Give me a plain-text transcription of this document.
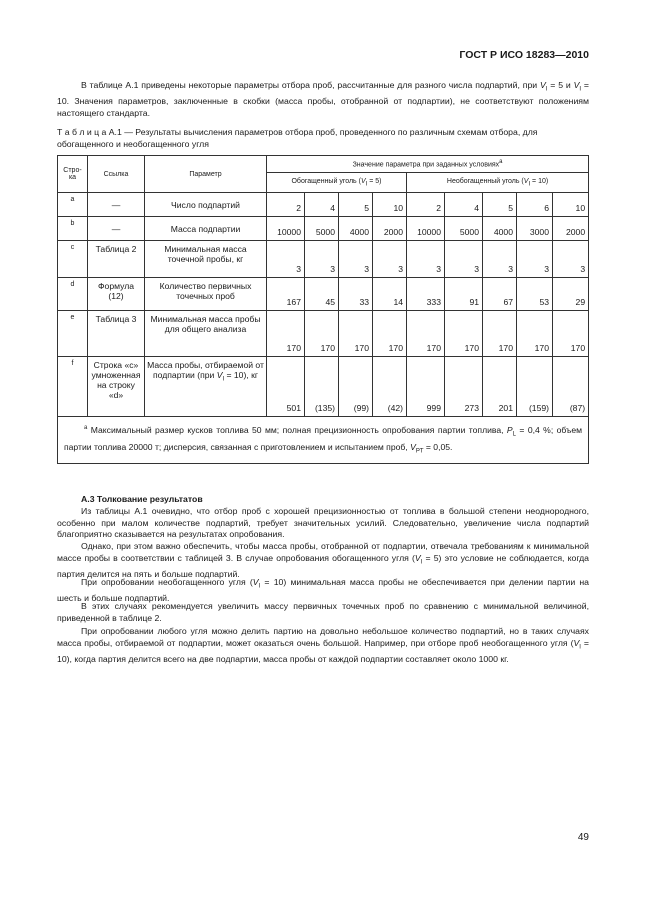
ГОСТ Р ИСО 18283—2010

В таблице А.1 приведены некоторые параметры отбора проб, рассчитанные для разного числа подпартий, при $V_I = 5$ и $V_I = 10$. Значения параметров, заключенные в скобки (масса пробы, отобранной от подпартии), не соответствуют положениям настоящего стандарта.

Т а б л и ц а А.1 — Результаты вычисления параметров отбора проб, проведенного по различным схемам отбора, для обогащенного и необогащенного угля

Стро-ка	Ссылка	Параметр	Значение параметра при заданных условиях$^а$
			Обогащенный уголь $(V_I = 5)$				Необогащенный уголь $(V_I = 10)$				
a	—	Число подпартий	2	4	5	10	2	4	5	6	10
b	—	Масса подпартии	10000	5000	4000	2000	10000	5000	4000	3000	2000
c	Таблица 2	Минимальная масса точечной пробы, кг	3	3	3	3	3	3	3	3	3
d	Формула (12)	Количество первичных точечных проб	167	45	33	14	333	91	67	53	29
e	Таблица 3	Минимальная масса пробы для общего анализа	170	170	170	170	170	170	170	170	170
f	Строка «c» умноженная на строку «d»	Масса пробы, отбираемой от подпартии (при $V_I = 10$), кг	501	(135)	(99)	(42)	999	273	201	(159)	(87)
$^а$ Максимальный размер кусков топлива 50 мм; полная прецизионность опробования партии топлива, $P_L = 0,4$ %; объем партии топлива 20000 т; дисперсия, связанная с приготовлением и испытанием проб, $V_{PT} = 0,05$.											
А.3 Толкование результатов

Из таблицы А.1 очевидно, что отбор проб с хорошей прецизионностью от топлива в большой степени неоднородного, особенно при малом количестве подпартий, требует значительных усилий. Следовательно, увеличение числа подпартий благоприятно сказывается на результатах опробования.

Однако, при этом важно обеспечить, чтобы масса пробы, отобранной от подпартии, отвечала требованиям к минимальной массе пробы в соответствии с таблицей 3. В случае опробования обогащенного угля $(V_I = 5)$ это условие не соблюдается, когда партия делится на пять и больше подпартий.

При опробовании необогащенного угля $(V_I = 10)$ минимальная масса пробы не обеспечивается при делении партии на шесть и больше подпартий.

В этих случаях рекомендуется увеличить массу первичных точечных проб по сравнению с минимальной величиной, приведенной в таблице 2.

При опробовании любого угля можно делить партию на довольно небольшое количество подпартий, но в таких случаях масса пробы, отбираемой от подпартии, может оказаться очень большой. Например, при отборе проб необогащенного угля $(V_I = 10)$, когда партия делится всего на две подпартии, масса пробы от каждой подпартии составляет около 1000 кг.

49
